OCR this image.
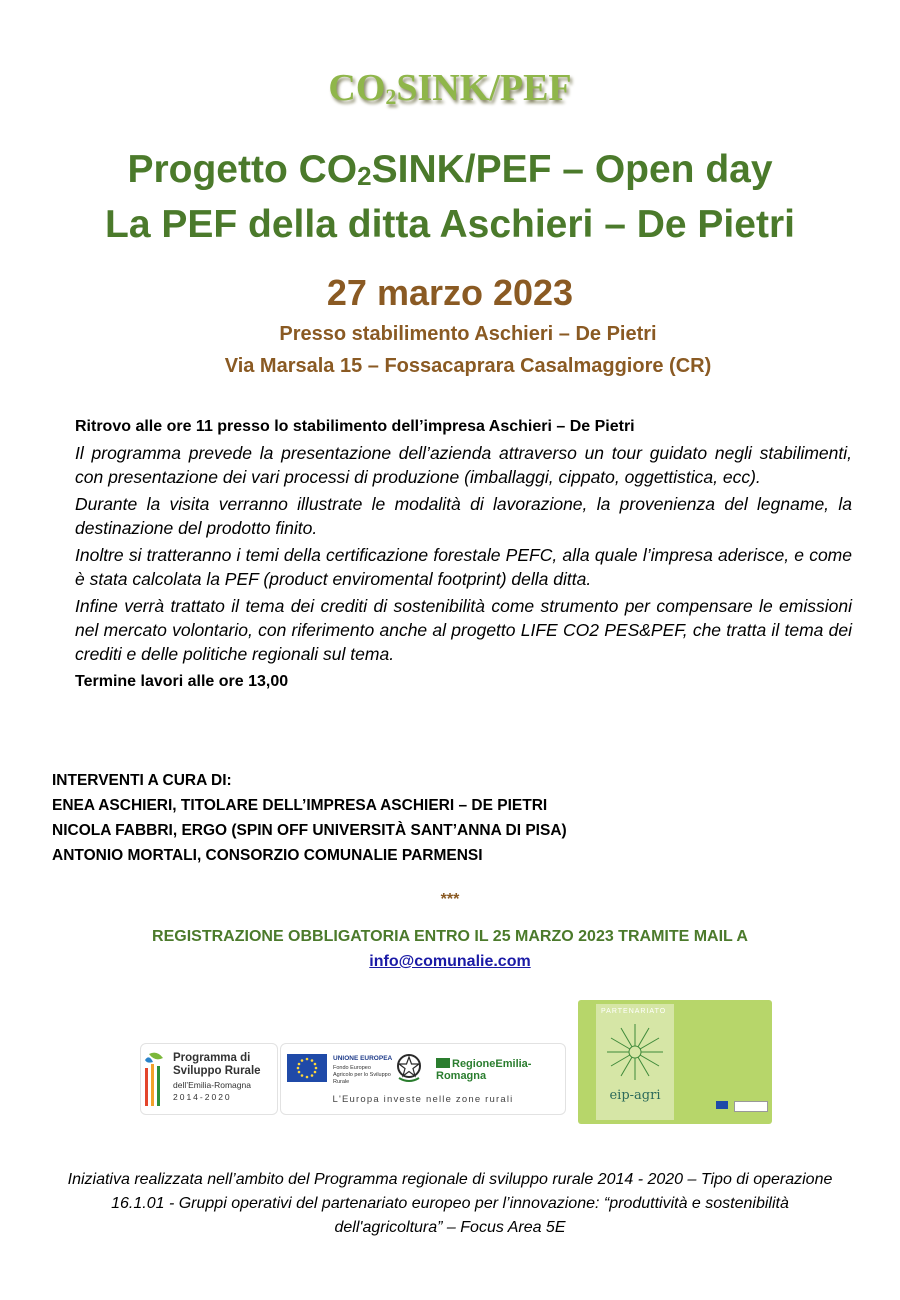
$CO_2SINK$/PEF
Progetto $CO_2SINK$/PEF – Open day
La PEF della ditta Aschieri – De Pietri
27 marzo 2023
Presso stabilimento Aschieri – De Pietri
Via Marsala 15 – Fossacaprara Casalmaggiore (CR)
Ritrovo alle ore 11 presso lo stabilimento dell’impresa Aschieri – De Pietri

Il programma prevede la presentazione dell’azienda attraverso un tour guidato negli stabilimenti, con presentazione dei vari processi di produzione (imballaggi, cippato, oggettistica, ecc).

Durante la visita verranno illustrate le modalità di lavorazione, la provenienza del legname, la destinazione del prodotto finito.

Inoltre si tratteranno i temi della certificazione forestale PEFC, alla quale l’impresa aderisce, e come è stata calcolata la PEF (product enviromental footprint) della ditta.

Infine verrà trattato il tema dei crediti di sostenibilità come strumento per compensare le emissioni nel mercato volontario, con riferimento anche al progetto LIFE CO2 PES&PEF, che tratta il tema dei crediti e delle politiche regionali sul tema.

Termine lavori alle ore 13,00
INTERVENTI A CURA DI:
ENEA ASCHIERI, TITOLARE DELL’IMPRESA ASCHIERI – DE PIETRI
NICOLA FABBRI, ERGO (SPIN OFF UNIVERSITÀ SANT’ANNA DI PISA)
ANTONIO MORTALI, CONSORZIO COMUNALIE PARMENSI
***
REGISTRAZIONE OBBLIGATORIA ENTRO IL 25 MARZO 2023 TRAMITE MAIL A
info@comunalie.com
Programma di
Sviluppo Rurale
dell’Emilia-Romagna
2014-2020
UNIONE EUROPEA
Fondo Europeo Agricolo per lo Sviluppo Rurale
RegioneEmilia-Romagna
L'Europa investe nelle zone rurali
PARTENARIATO
eip-agri
Iniziativa realizzata nell’ambito del Programma regionale di sviluppo rurale 2014 - 2020 – Tipo di operazione 16.1.01 - Gruppi operativi del partenariato europeo per l’innovazione: “produttività e sostenibilità dell'agricoltura” – Focus Area 5E
